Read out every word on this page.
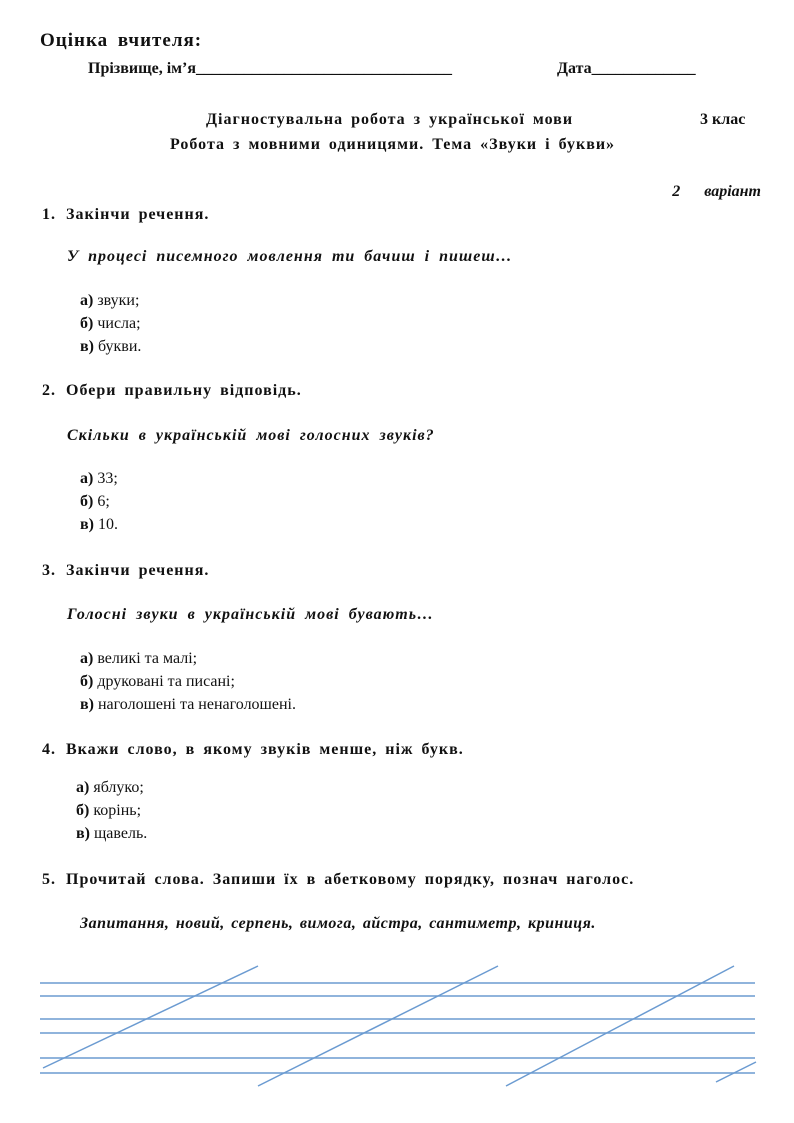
Оцінка вчителя:
Прізвище, ім’я________________________________	Дата_____________
Діагностувальна робота з української мови	3 клас
Робота з мовними одиницями. Тема «Звуки і букви»
2 варіант
1. Закінчи речення.
У процесі писемного мовлення ти бачиш і пишеш…
а) звуки;
б) числа;
в) букви.
2. Обери правильну відповідь.
Скільки в українській мові голосних звуків?
а) 33;
б) 6;
в) 10.
3. Закінчи речення.
Голосні звуки в українській мові бувають…
а) великі та малі;
б) друковані та писані;
в) наголошені та ненаголошені.
4. Вкажи слово, в якому звуків менше, ніж букв.
а) яблуко;
б) корінь;
в) щавель.
5. Прочитай слова. Запиши їх в абетковому порядку, познач наголос.
Запитання, новий, серпень, вимога, айстра, сантиметр, криниця.
